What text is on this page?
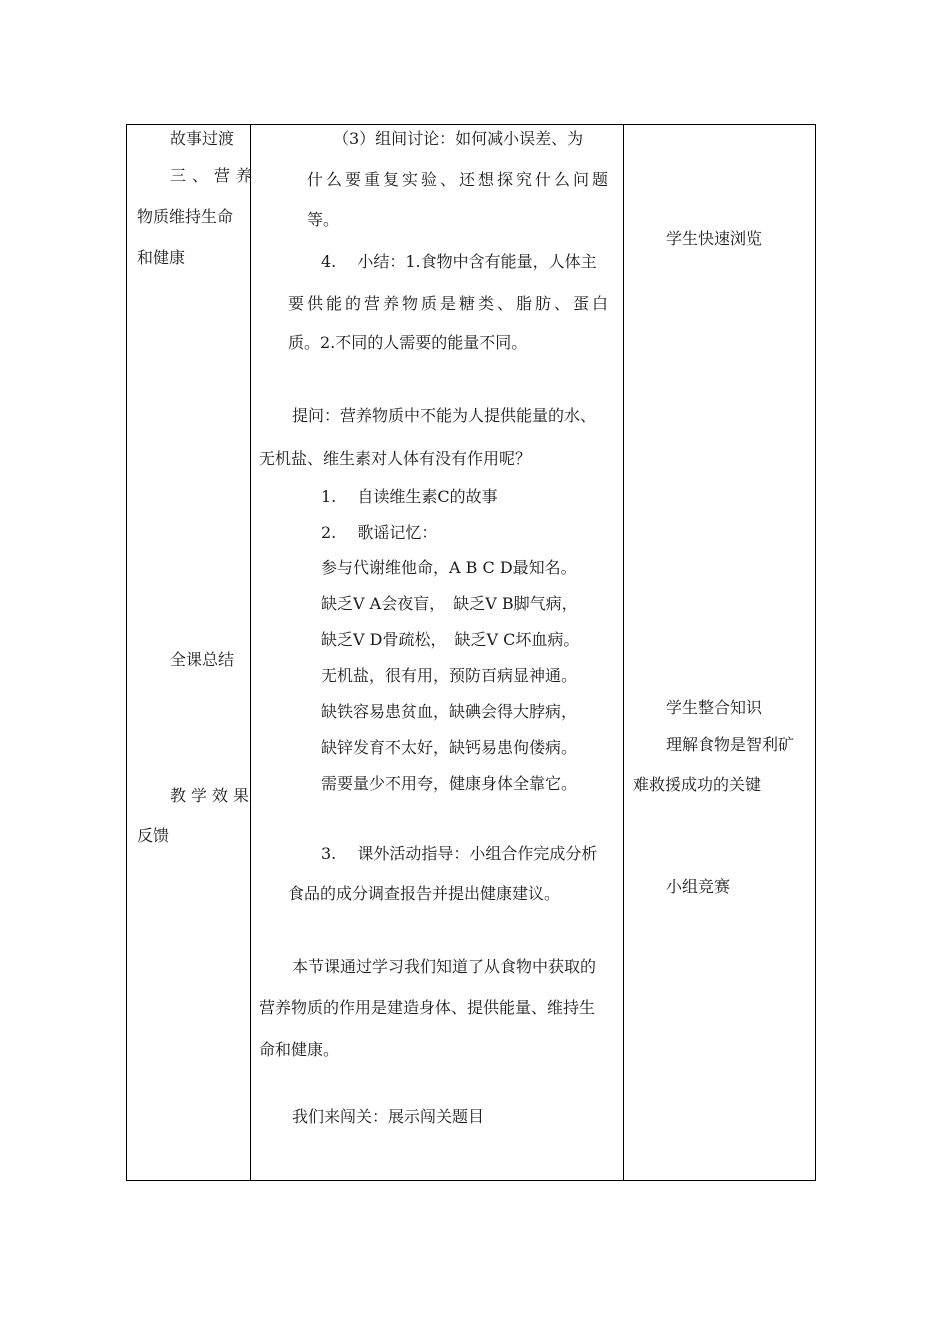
故事过渡
三、营养
物质维持生命
和健康
全课总结
教学效果
反馈
（3）组间讨论：如何减小误差、为
什么要重复实验、还想探究什么问题
等。
4.　 小结：1.食物中含有能量，人体主
要供能的营养物质是糖类、脂肪、蛋白
质。2.不同的人需要的能量不同。
提问：营养物质中不能为人提供能量的水、
无机盐、维生素对人体有没有作用呢？
1.　 自读维生素C的故事
2.　 歌谣记忆：
参与代谢维他命，A B C D最知名。
缺乏V A会夜盲，　缺乏V B脚气病，
缺乏V D骨疏松，　缺乏V C坏血病。
无机盐，很有用，预防百病显神通。
缺铁容易患贫血，缺碘会得大脖病，
缺锌发育不太好，缺钙易患佝偻病。
需要量少不用夸，健康身体全靠它。
3.　 课外活动指导：小组合作完成分析
食品的成分调查报告并提出健康建议。
本节课通过学习我们知道了从食物中获取的
营养物质的作用是建造身体、提供能量、维持生
命和健康。
我们来闯关：展示闯关题目
学生快速浏览
学生整合知识
理解食物是智利矿
难救援成功的关键
小组竞赛
